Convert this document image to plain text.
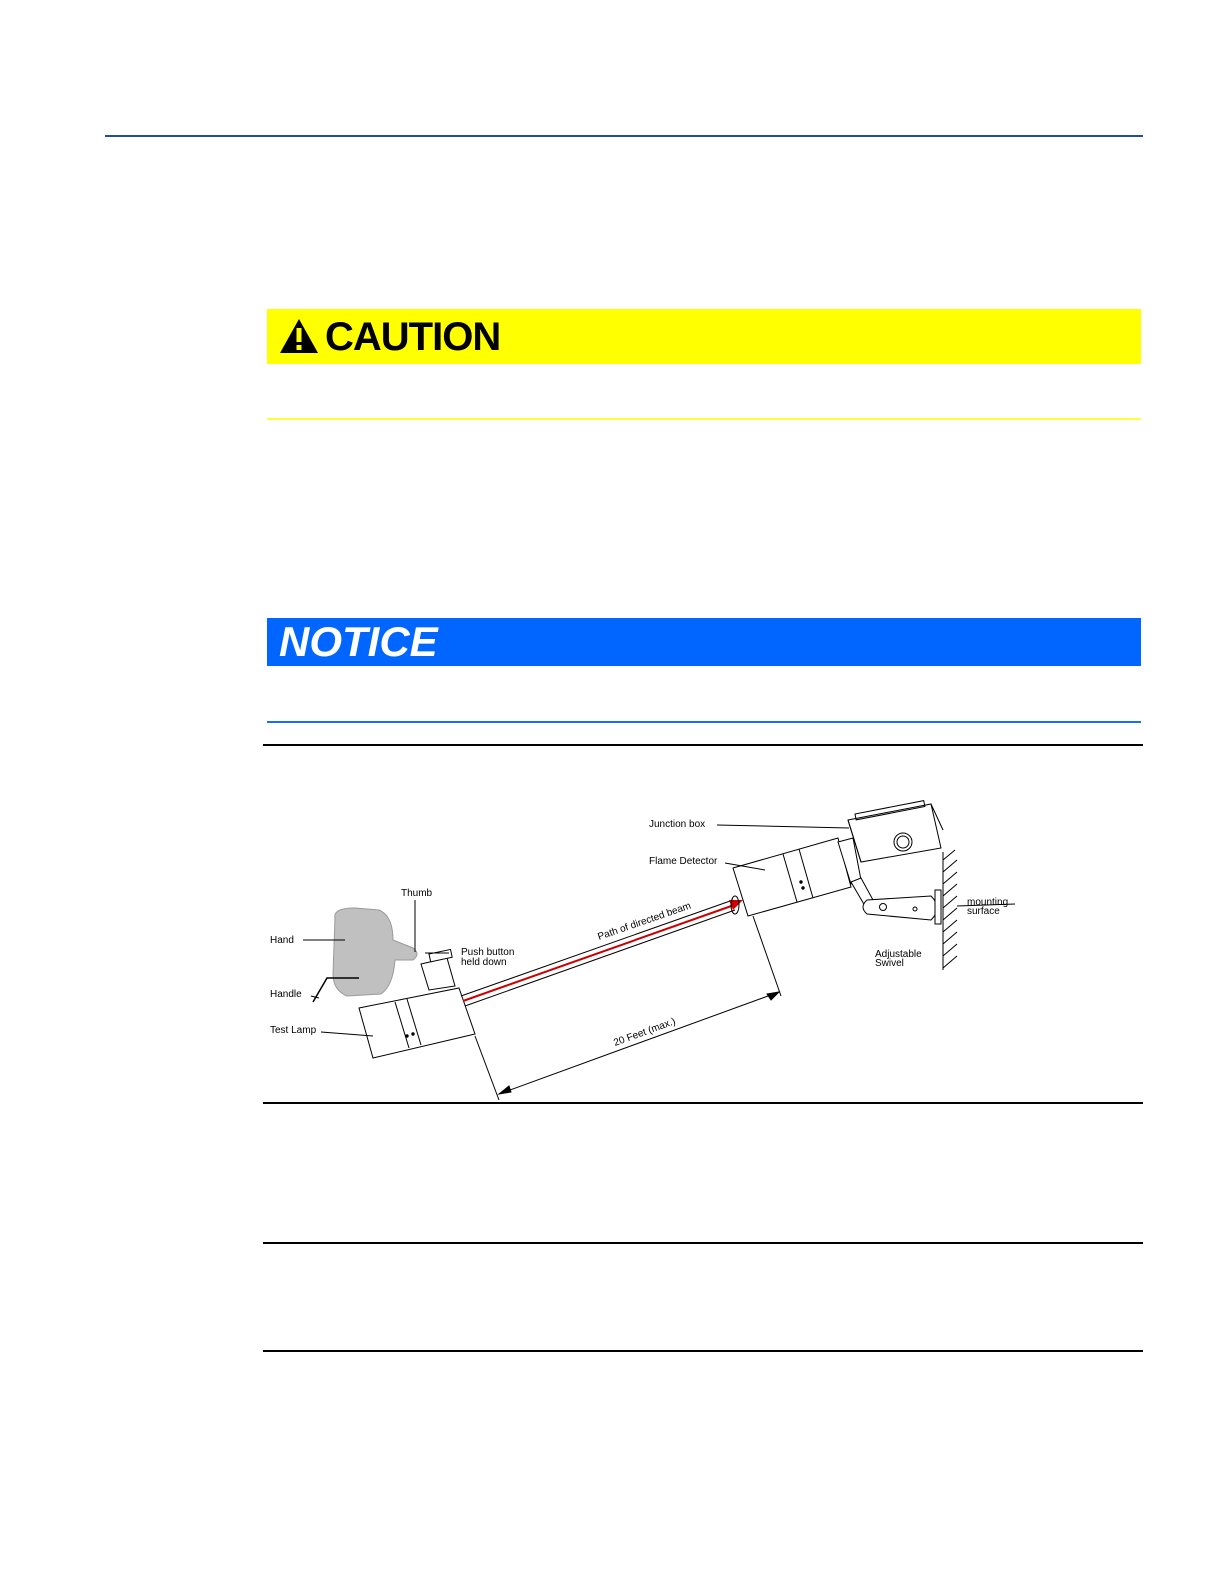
CAUTION
NOTICE
Junction box
Flame Detector
Thumb
Hand
Push button
held down
Path of directed beam	mounting
surface
Adjustable
Swivel
Handle
Test Lamp	20 Feet (max.)
